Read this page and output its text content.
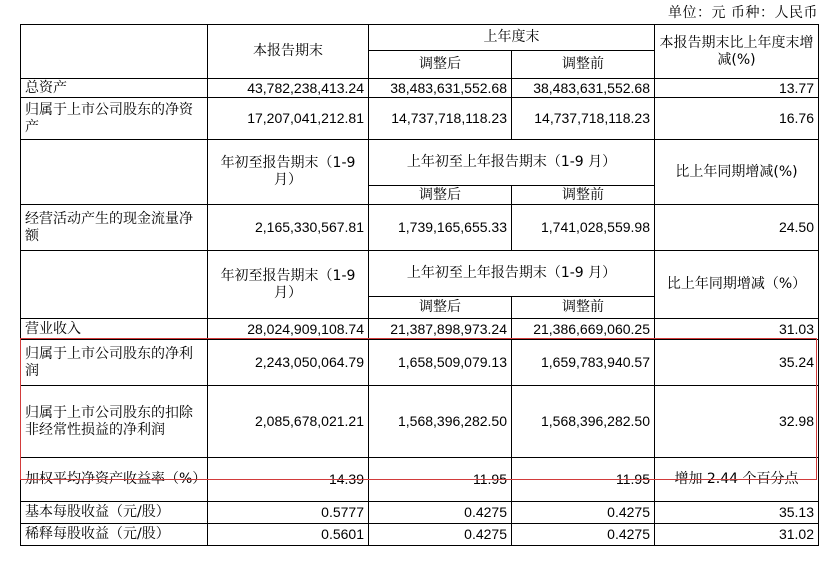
单位：元 币种：人民币
	本报告期末	上年度末		本报告期末比上年度末增减(%)
		调整后	调整前	
总资产	43,782,238,413.24	38,483,631,552.68	38,483,631,552.68	13.77
归属于上市公司股东的净资产	17,207,041,212.81	14,737,718,118.23	14,737,718,118.23	16.76
	年初至报告期末（1-9 月）	上年初至上年报告期末（1-9 月）		比上年同期增减(%)
		调整后	调整前	
经营活动产生的现金流量净额	2,165,330,567.81	1,739,165,655.33	1,741,028,559.98	24.50
	年初至报告期末（1-9 月）	上年初至上年报告期末（1-9 月）		比上年同期增减（%）
		调整后	调整前	
营业收入	28,024,909,108.74	21,387,898,973.24	21,386,669,060.25	31.03
归属于上市公司股东的净利润	2,243,050,064.79	1,658,509,079.13	1,659,783,940.57	35.24
归属于上市公司股东的扣除非经常性损益的净利润	2,085,678,021.21	1,568,396,282.50	1,568,396,282.50	32.98
加权平均净资产收益率（%）	14.39	11.95	11.95	增加 2.44 个百分点
基本每股收益（元/股）	0.5777	0.4275	0.4275	35.13
稀释每股收益（元/股）	0.5601	0.4275	0.4275	31.02
